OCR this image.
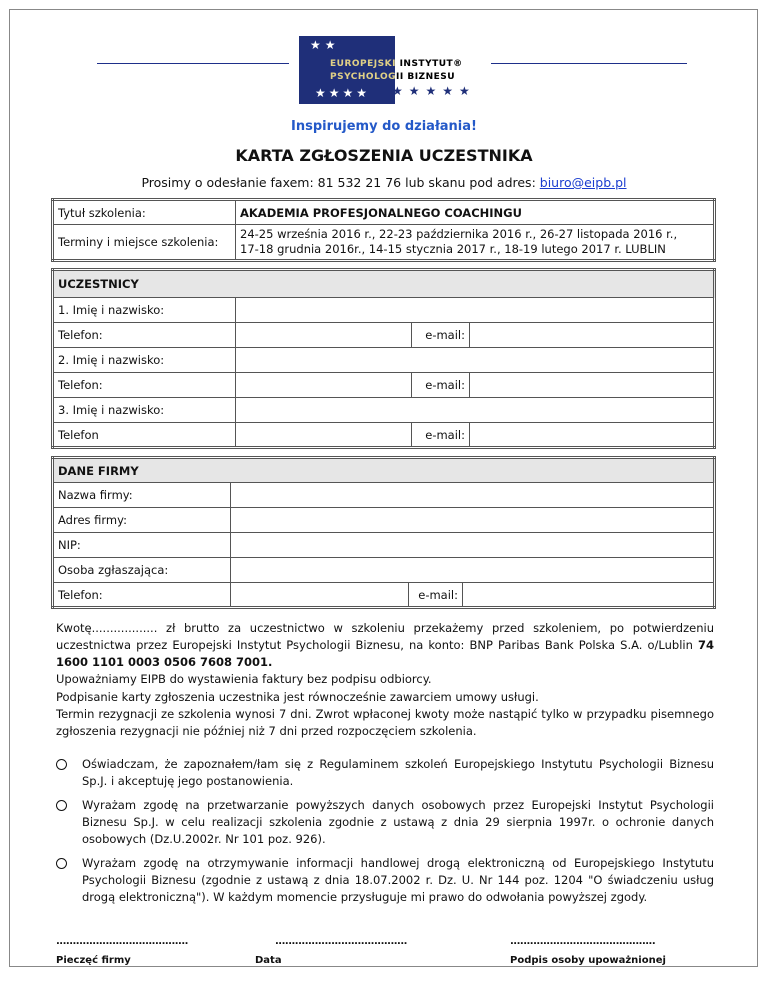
EUROPEJSKI INSTYTUT®
PSYCHOLOGII BIZNESU
★★
★★★★ ★★★★★
Inspirujemy do działania!
KARTA ZGŁOSZENIA UCZESTNIKA
Prosimy o odesłanie faxem: 81 532 21 76 lub skanu pod adres: biuro@eipb.pl
Tytuł szkolenia:	AKADEMIA PROFESJONALNEGO COACHINGU
Terminy i miejsce szkolenia:	24-25 września 2016 r., 22-23 października 2016 r., 26-27 listopada 2016 r.,
17-18 grudnia 2016r., 14-15 stycznia 2017 r., 18-19 lutego 2017 r. LUBLIN
UCZESTNICY			
1. Imię i nazwisko:			
Telefon:		e-mail:	
2. Imię i nazwisko:			
Telefon:		e-mail:	
3. Imię i nazwisko:			
Telefon		e-mail:	
DANE FIRMY			
Nazwa firmy:			
Adres firmy:			
NIP:			
Osoba zgłaszająca:			
Telefon:		e-mail:	
Kwotę.................. zł brutto za uczestnictwo w szkoleniu przekażemy przed szkoleniem, po potwierdzeniu uczestnictwa przez Europejski Instytut Psychologii Biznesu, na konto: BNP Paribas Bank Polska S.A. o/Lublin 74 1600 1101 0003 0506 7608 7001.
Upoważniamy EIPB do wystawienia faktury bez podpisu odbiorcy.
Podpisanie karty zgłoszenia uczestnika jest równocześnie zawarciem umowy usługi.
Termin rezygnacji ze szkolenia wynosi 7 dni. Zwrot wpłaconej kwoty może nastąpić tylko w przypadku pisemnego zgłoszenia rezygnacji nie później niż 7 dni przed rozpoczęciem szkolenia.
Oświadczam, że zapoznałem/łam się z Regulaminem szkoleń Europejskiego Instytutu Psychologii Biznesu Sp.J. i akceptuję jego postanowienia.
Wyrażam zgodę na przetwarzanie powyższych danych osobowych przez Europejski Instytut Psychologii Biznesu Sp.J. w celu realizacji szkolenia zgodnie z ustawą z dnia 29 sierpnia 1997r. o ochronie danych osobowych (Dz.U.2002r. Nr 101 poz. 926).
Wyrażam zgodę na otrzymywanie informacji handlowej drogą elektroniczną od Europejskiego Instytutu Psychologii Biznesu (zgodnie z ustawą z dnia 18.07.2002 r. Dz. U. Nr 144 poz. 1204 "O świadczeniu usług drogą elektroniczną"). W każdym momencie przysługuje mi prawo do odwołania powyższej zgody.
........................................	........................................	............................................
Pieczęć firmy	Data	Podpis osoby upoważnionej
